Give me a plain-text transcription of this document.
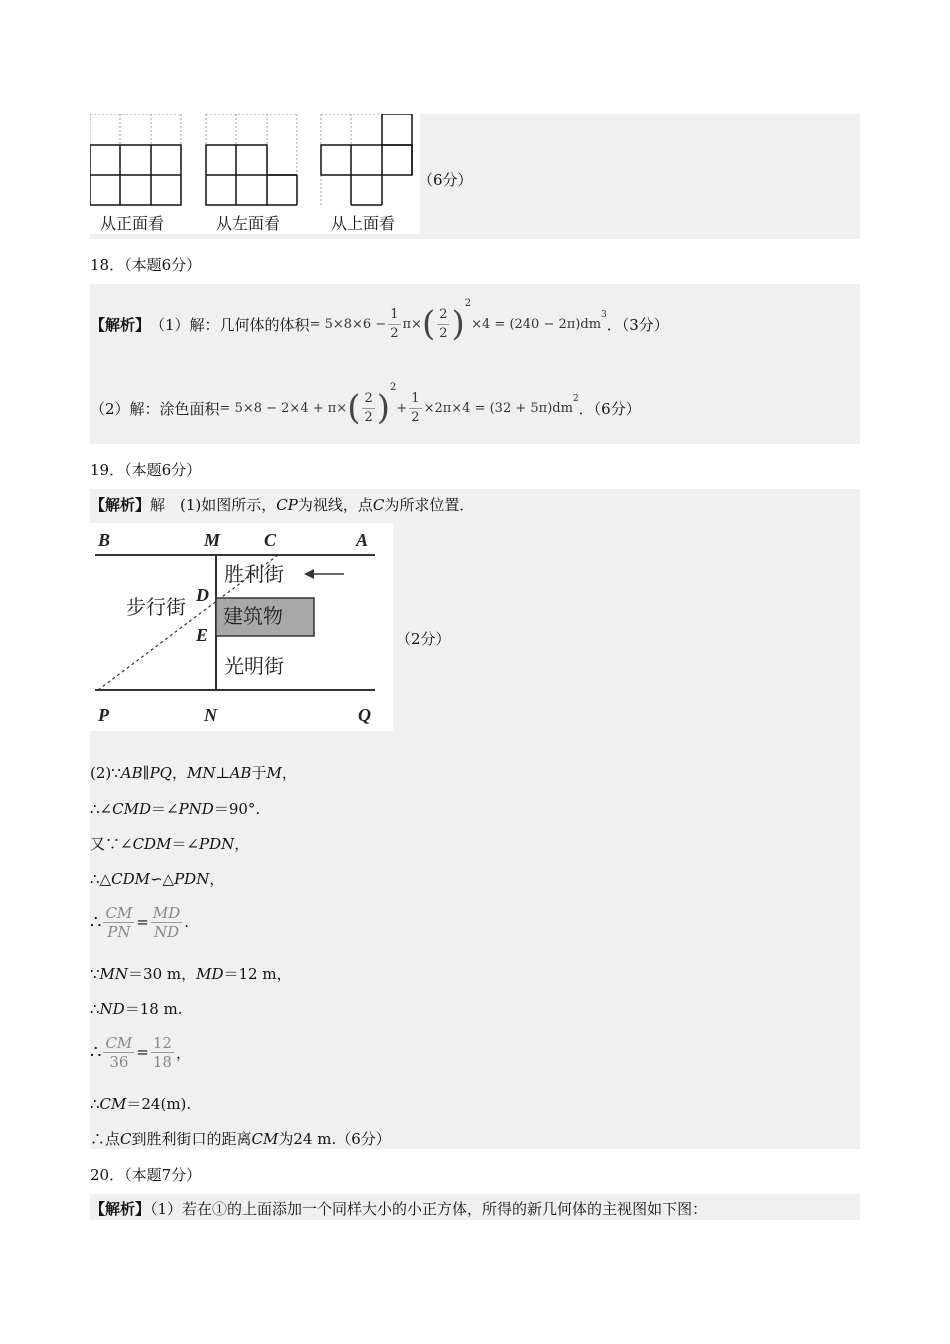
从正面看	从左面看	从上面看
（6分）
18．（本题6分）
【解析】 （1）解：几何体的体积 = $5\times 8\times 6 - \frac{1}{2} \pi\times$ ( $\frac{2}{2}$ )
$^2$
×4 = (240 − 2π)dm
$^3$
．（3分）
（2）解：涂色面积 = 5×8 − 2×4 + π× ( $\frac{2}{2}$ )
$^2$
+ $\frac{1}{2} \times 2\pi\times 4 = (32 + 5\pi)dm$
$^2$
．（6分）
19．（本题6分）
【解析】解　(1)如图所示，CP为视线，点C为所求位置．
B	M C	A
D
E
P	N	Q
胜利街
建筑物
步行街
光明街
（2分）
(2)∵AB∥PQ，MN⊥AB于M，
∴∠CMD＝∠PND＝90°.
又∵∠CDM＝∠PDN，
∴△CDM∽△PDN，
∴ $\frac{CM}{PN} = \frac{MD}{ND}$ .
∵MN＝30 m，MD＝12 m，
∴ND＝18 m.
∴ $\frac{CM}{36} = \frac{12}{18}$ ，
∴CM＝24(m).
∴点C到胜利街口的距离CM为24 m.（6分）
20．（本题7分）
【解析】（1）若在①的上面添加一个同样大小的小正方体，所得的新几何体的主视图如下图：
